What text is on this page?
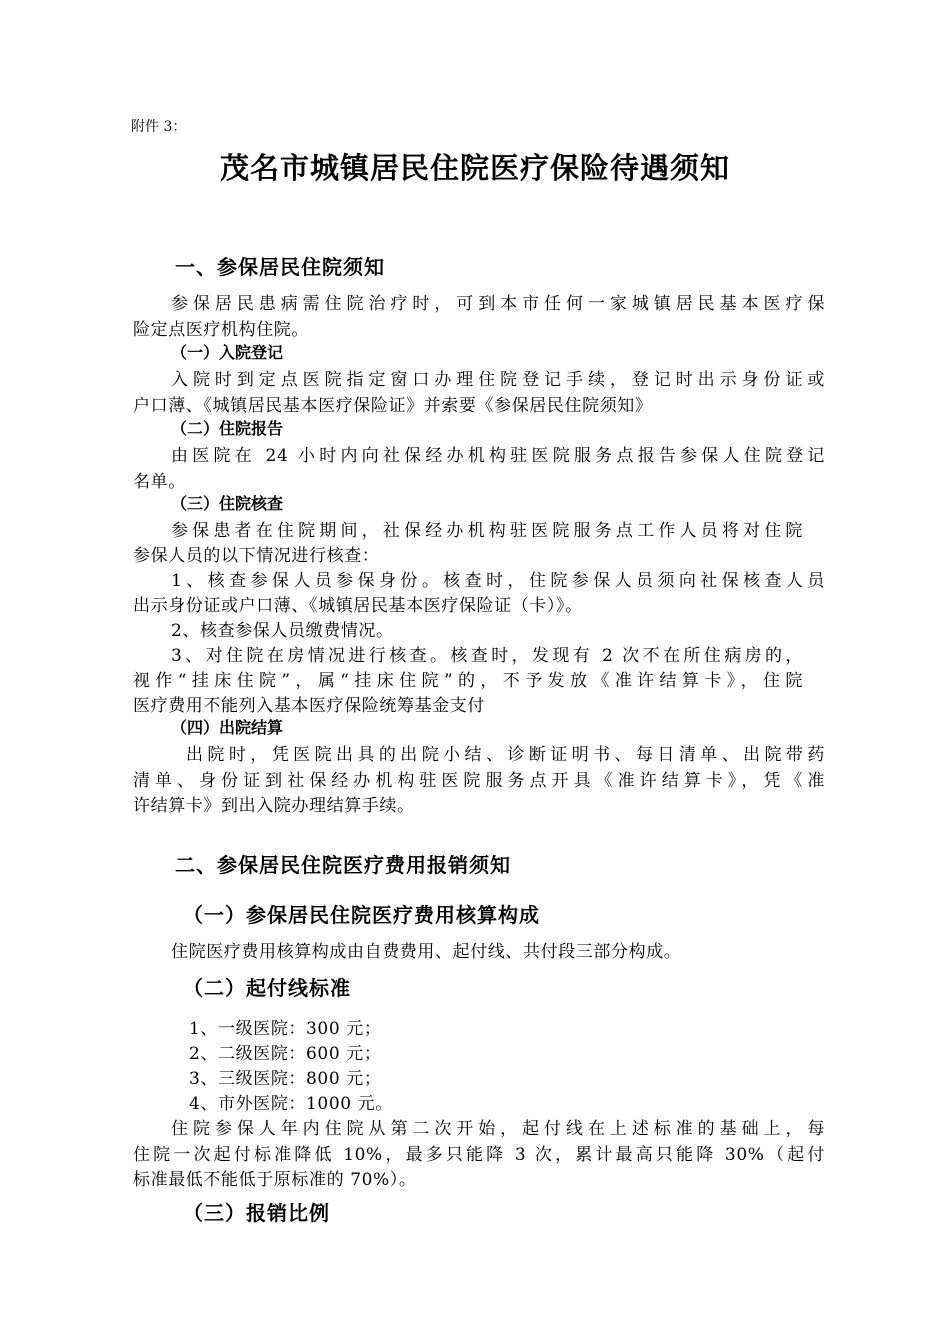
附件 3：
茂名市城镇居民住院医疗保险待遇须知
一、参保居民住院须知
参保居民患病需住院治疗时，可到本市任何一家城镇居民基本医疗保
险定点医疗机构住院。
（一）入院登记
入院时到定点医院指定窗口办理住院登记手续，登记时出示身份证或
户口薄、《城镇居民基本医疗保险证》并索要《参保居民住院须知》
（二）住院报告
由医院在 24 小时内向社保经办机构驻医院服务点报告参保人住院登记
名单。
（三）住院核查
参保患者在住院期间，社保经办机构驻医院服务点工作人员将对住院
参保人员的以下情况进行核查：
1、核查参保人员参保身份。核查时，住院参保人员须向社保核查人员
出示身份证或户口薄、《城镇居民基本医疗保险证（卡）》。
2、核查参保人员缴费情况。
3、对住院在房情况进行核查。核查时，发现有 2 次不在所住病房的，
视作“挂床住院”，属“挂床住院”的，不予发放《准许结算卡》，住院
医疗费用不能列入基本医疗保险统筹基金支付
（四）出院结算
出院时，凭医院出具的出院小结、诊断证明书、每日清单、出院带药
清单、身份证到社保经办机构驻医院服务点开具《准许结算卡》，凭《准
许结算卡》到出入院办理结算手续。
二、参保居民住院医疗费用报销须知
（一）参保居民住院医疗费用核算构成
住院医疗费用核算构成由自费费用、起付线、共付段三部分构成。
（二）起付线标准
1、一级医院：300 元；
2、二级医院：600 元；
3、三级医院：800 元；
4、市外医院：1000 元。
住院参保人年内住院从第二次开始，起付线在上述标准的基础上，每
住院一次起付标准降低 10%，最多只能降 3 次，累计最高只能降 30%（起付
标准最低不能低于原标准的 70%）。
（三）报销比例
